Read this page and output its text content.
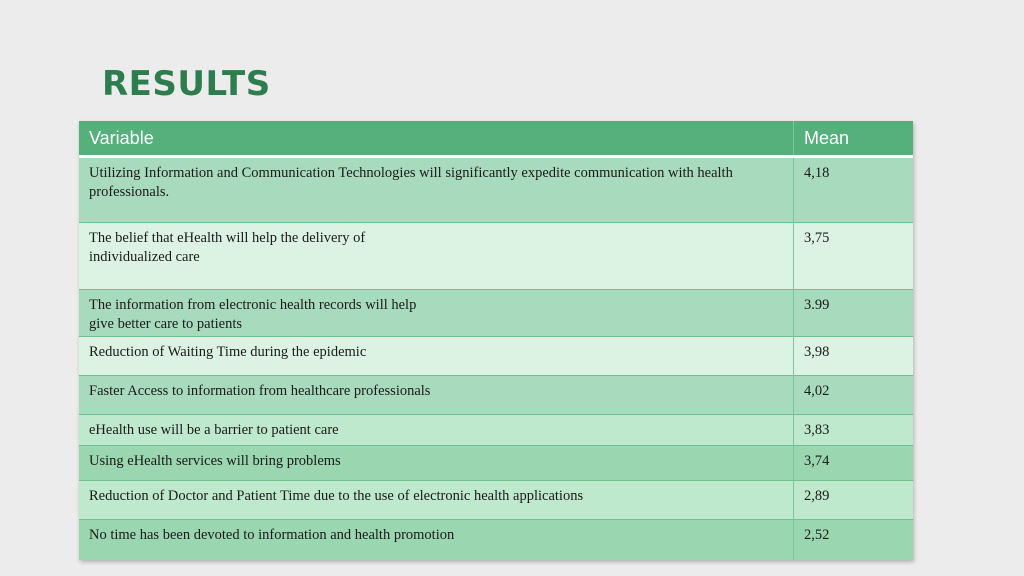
RESULTS
Variable	Mean
Utilizing Information and Communication Technologies will significantly expedite communication with health professionals.	4,18
The belief that eHealth will help the delivery of
individualized care	3,75
The information from electronic health records will help
give better care to patients	3.99
Reduction of Waiting Time during the epidemic	3,98
Faster Access to information from healthcare professionals	4,02
eHealth use will be a barrier to patient care	3,83
Using eHealth services will bring problems	3,74
Reduction of Doctor and Patient Time due to the use of electronic health applications	2,89
No time has been devoted to information and health promotion	2,52
